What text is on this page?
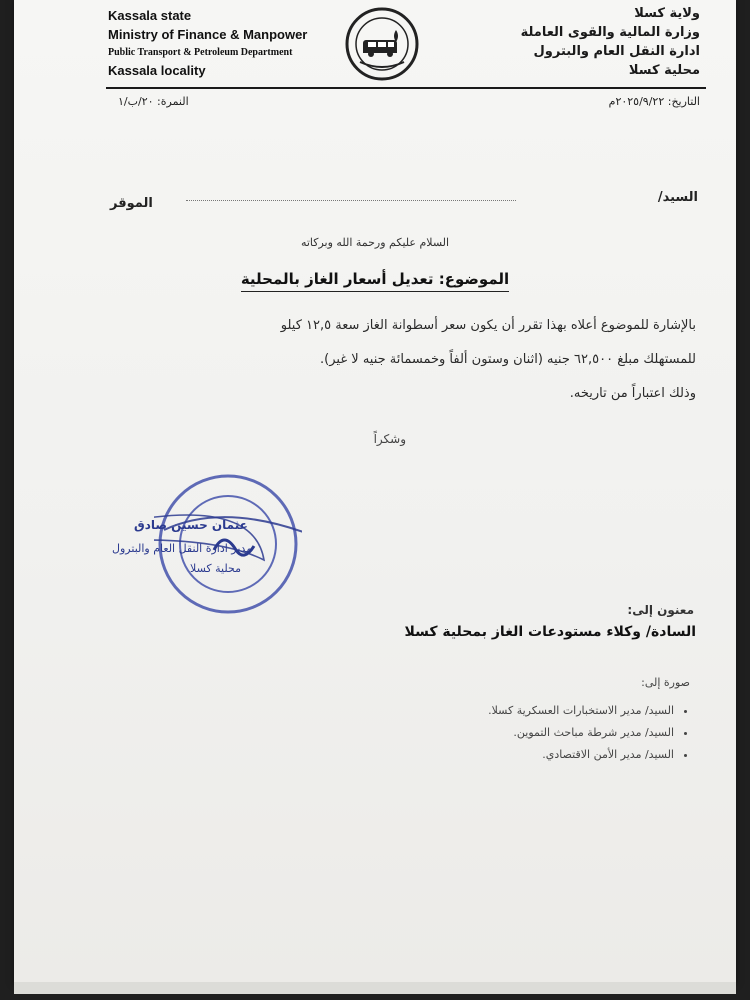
Kassala state
Ministry of Finance & Manpower
Public Transport & Petroleum Department
Kassala locality
ولاية كسلا
وزارة المالية والقوى العاملة
ادارة النقل العام والبترول
محلية كسلا
التاريخ: ٢٠٢٥/٩/٢٢م
النمرة: ٢٠/ب/١
السيد/
الموقر
السلام عليكم ورحمة الله وبركاته
الموضوع: تعديل أسعار الغاز بالمحلية
بالإشارة للموضوع أعلاه بهذا تقرر أن يكون سعر أسطوانة الغاز سعة ١٢,٥ كيلو
للمستهلك مبلغ ٦٢,٥٠٠ جنيه (اثنان وستون ألفاً وخمسمائة جنيه لا غير).
وذلك اعتباراً من تاريخه.
وشكراً
عثمان حسين صادق
مدير ادارة النقل العام والبترول
محلية كسلا
معنون إلى:
السادة/ وكلاء مستودعات الغاز بمحلية كسلا
صورة إلى:
• السيد/ مدير الاستخبارات العسكرية كسلا.
• السيد/ مدير شرطة مباحث التموين.
• السيد/ مدير الأمن الاقتصادي.
